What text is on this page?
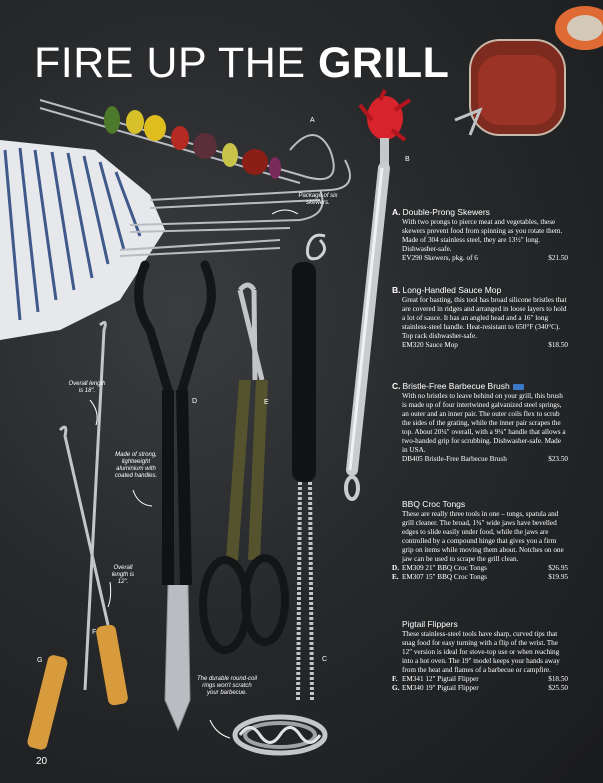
FIRE UP THE GRILL
A
B
C
D	E
F
G
Package of six skewers.
Overall length is 18".
Made of strong, lightweight aluminium with coated handles.
Overall length is 12".
The durable round-coil rings won't scratch your barbecue.
A. Double-Prong Skewers
With two prongs to pierce meat and vegetables, these skewers prevent food from spinning as you rotate them. Made of 304 stainless steel, they are 13½" long. Dishwasher-safe.
EV290 Skewers, pkg. of 6	$21.50
B. Long-Handled Sauce Mop
Great for basting, this tool has broad silicone bristles that are covered in ridges and arranged in loose layers to hold a lot of sauce. It has an angled head and a 16" long stainless-steel handle. Heat-resistant to 650°F (340°C). Top rack dishwasher-safe.
EM320 Sauce Mop	$18.50
C. Bristle-Free Barbecue Brush
With no bristles to leave behind on your grill, this brush is made up of four intertwined galvanized steel springs, an outer and an inner pair. The outer coils flex to scrub the sides of the grating, while the inner pair scrapes the top. About 20¼" overall, with a 9¼" handle that allows a two-handed grip for scrubbing. Dishwasher-safe. Made in USA.
DB405 Bristle-Free Barbecue Brush	$23.50
BBQ Croc Tongs
These are really three tools in one – tongs, spatula and grill cleaner. The broad, 1¾" wide jaws have bevelled edges to slide easily under food, while the jaws are controlled by a compound hinge that gives you a firm grip on items while moving them about. Notches on one jaw can be used to scrape the grill clean.
D. EM309 21" BBQ Croc Tongs	$26.95
E. EM307 15" BBQ Croc Tongs	$19.95
Pigtail Flippers
These stainless-steel tools have sharp, curved tips that snag food for easy turning with a flip of the wrist. The 12" version is ideal for stove-top use or when reaching into a hot oven. The 19" model keeps your hands away from the heat and flames of a barbecue or campfire.
F. EM341 12" Pigtail Flipper	$18.50
G. EM340 19" Pigtail Flipper	$25.50
20
